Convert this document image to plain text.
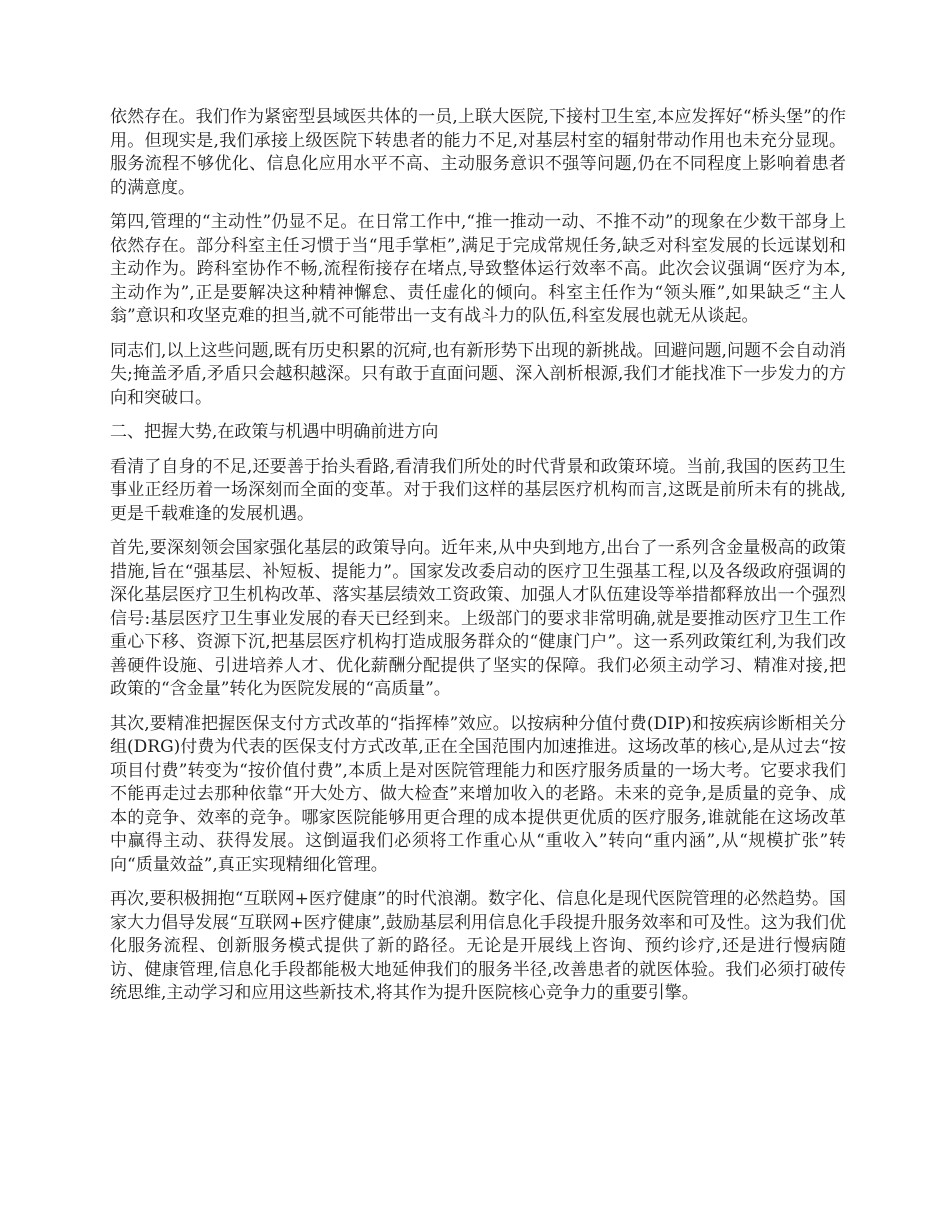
依然存在。我们作为紧密型县域医共体的一员,上联大医院,下接村卫生室,本应发挥好“桥头堡”的作用。但现实是,我们承接上级医院下转患者的能力不足,对基层村室的辐射带动作用也未充分显现。服务流程不够优化、信息化应用水平不高、主动服务意识不强等问题,仍在不同程度上影响着患者的满意度。

第四,管理的“主动性”仍显不足。在日常工作中,“推一推动一动、不推不动”的现象在少数干部身上依然存在。部分科室主任习惯于当“甩手掌柜”,满足于完成常规任务,缺乏对科室发展的长远谋划和主动作为。跨科室协作不畅,流程衔接存在堵点,导致整体运行效率不高。此次会议强调“医疗为本,主动作为”,正是要解决这种精神懈怠、责任虚化的倾向。科室主任作为“领头雁”,如果缺乏“主人翁”意识和攻坚克难的担当,就不可能带出一支有战斗力的队伍,科室发展也就无从谈起。

同志们,以上这些问题,既有历史积累的沉疴,也有新形势下出现的新挑战。回避问题,问题不会自动消失;掩盖矛盾,矛盾只会越积越深。只有敢于直面问题、深入剖析根源,我们才能找准下一步发力的方向和突破口。

二、把握大势,在政策与机遇中明确前进方向

看清了自身的不足,还要善于抬头看路,看清我们所处的时代背景和政策环境。当前,我国的医药卫生事业正经历着一场深刻而全面的变革。对于我们这样的基层医疗机构而言,这既是前所未有的挑战,更是千载难逢的发展机遇。

首先,要深刻领会国家强化基层的政策导向。近年来,从中央到地方,出台了一系列含金量极高的政策措施,旨在“强基层、补短板、提能力”。国家发改委启动的医疗卫生强基工程,以及各级政府强调的深化基层医疗卫生机构改革、落实基层绩效工资政策、加强人才队伍建设等举措都释放出一个强烈信号:基层医疗卫生事业发展的春天已经到来。上级部门的要求非常明确,就是要推动医疗卫生工作重心下移、资源下沉,把基层医疗机构打造成服务群众的“健康门户”。这一系列政策红利,为我们改善硬件设施、引进培养人才、优化薪酬分配提供了坚实的保障。我们必须主动学习、精准对接,把政策的“含金量”转化为医院发展的“高质量”。

其次,要精准把握医保支付方式改革的“指挥棒”效应。以按病种分值付费(DIP)和按疾病诊断相关分组(DRG)付费为代表的医保支付方式改革,正在全国范围内加速推进。这场改革的核心,是从过去“按项目付费”转变为“按价值付费”,本质上是对医院管理能力和医疗服务质量的一场大考。它要求我们不能再走过去那种依靠“开大处方、做大检查”来增加收入的老路。未来的竞争,是质量的竞争、成本的竞争、效率的竞争。哪家医院能够用更合理的成本提供更优质的医疗服务,谁就能在这场改革中赢得主动、获得发展。这倒逼我们必须将工作重心从“重收入”转向“重内涵”,从“规模扩张”转向“质量效益”,真正实现精细化管理。

再次,要积极拥抱“互联网+医疗健康”的时代浪潮。数字化、信息化是现代医院管理的必然趋势。国家大力倡导发展“互联网+医疗健康”,鼓励基层利用信息化手段提升服务效率和可及性。这为我们优化服务流程、创新服务模式提供了新的路径。无论是开展线上咨询、预约诊疗,还是进行慢病随访、健康管理,信息化手段都能极大地延伸我们的服务半径,改善患者的就医体验。我们必须打破传统思维,主动学习和应用这些新技术,将其作为提升医院核心竞争力的重要引擎。
